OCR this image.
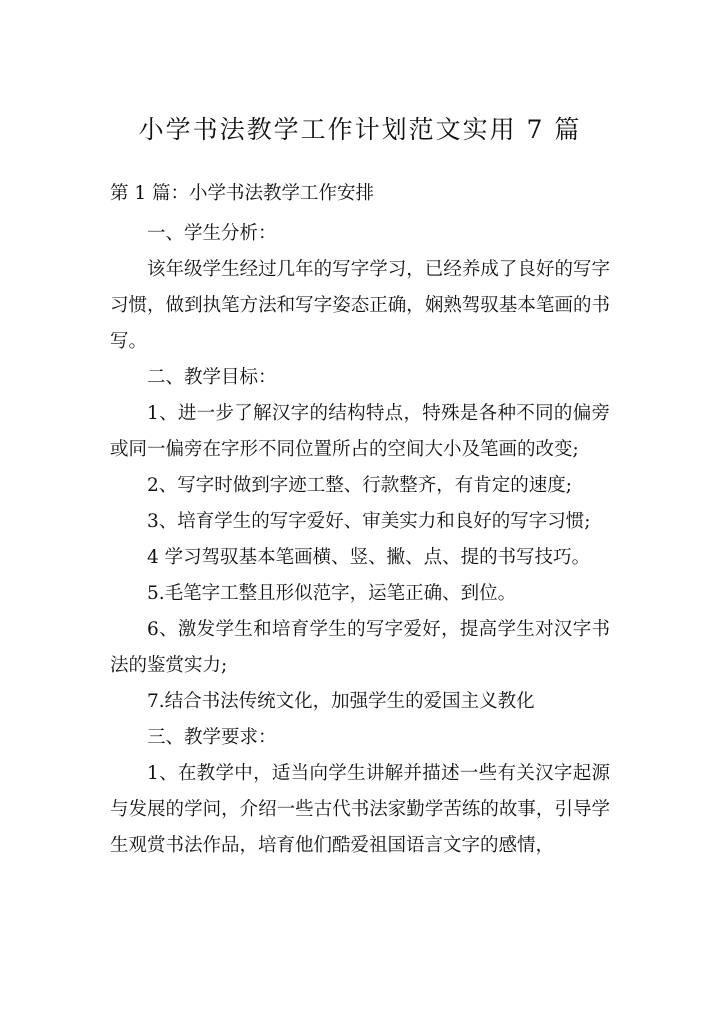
小学书法教学工作计划范文实用 7 篇

第 1 篇：小学书法教学工作安排

一、学生分析：

该年级学生经过几年的写字学习，已经养成了良好的写字习惯，做到执笔方法和写字姿态正确，娴熟驾驭基本笔画的书写。

二、教学目标：

1、进一步了解汉字的结构特点，特殊是各种不同的偏旁或同一偏旁在字形不同位置所占的空间大小及笔画的改变;

2、写字时做到字迹工整、行款整齐，有肯定的速度;

3、培育学生的写字爱好、审美实力和良好的写字习惯;

4 学习驾驭基本笔画横、竖、撇、点、提的书写技巧。

5.毛笔字工整且形似范字，运笔正确、到位。

6、激发学生和培育学生的写字爱好，提高学生对汉字书法的鉴赏实力;

7.结合书法传统文化，加强学生的爱国主义教化

三、教学要求：

1、在教学中，适当向学生讲解并描述一些有关汉字起源与发展的学问，介绍一些古代书法家勤学苦练的故事，引导学生观赏书法作品，培育他们酷爱祖国语言文字的感情，
